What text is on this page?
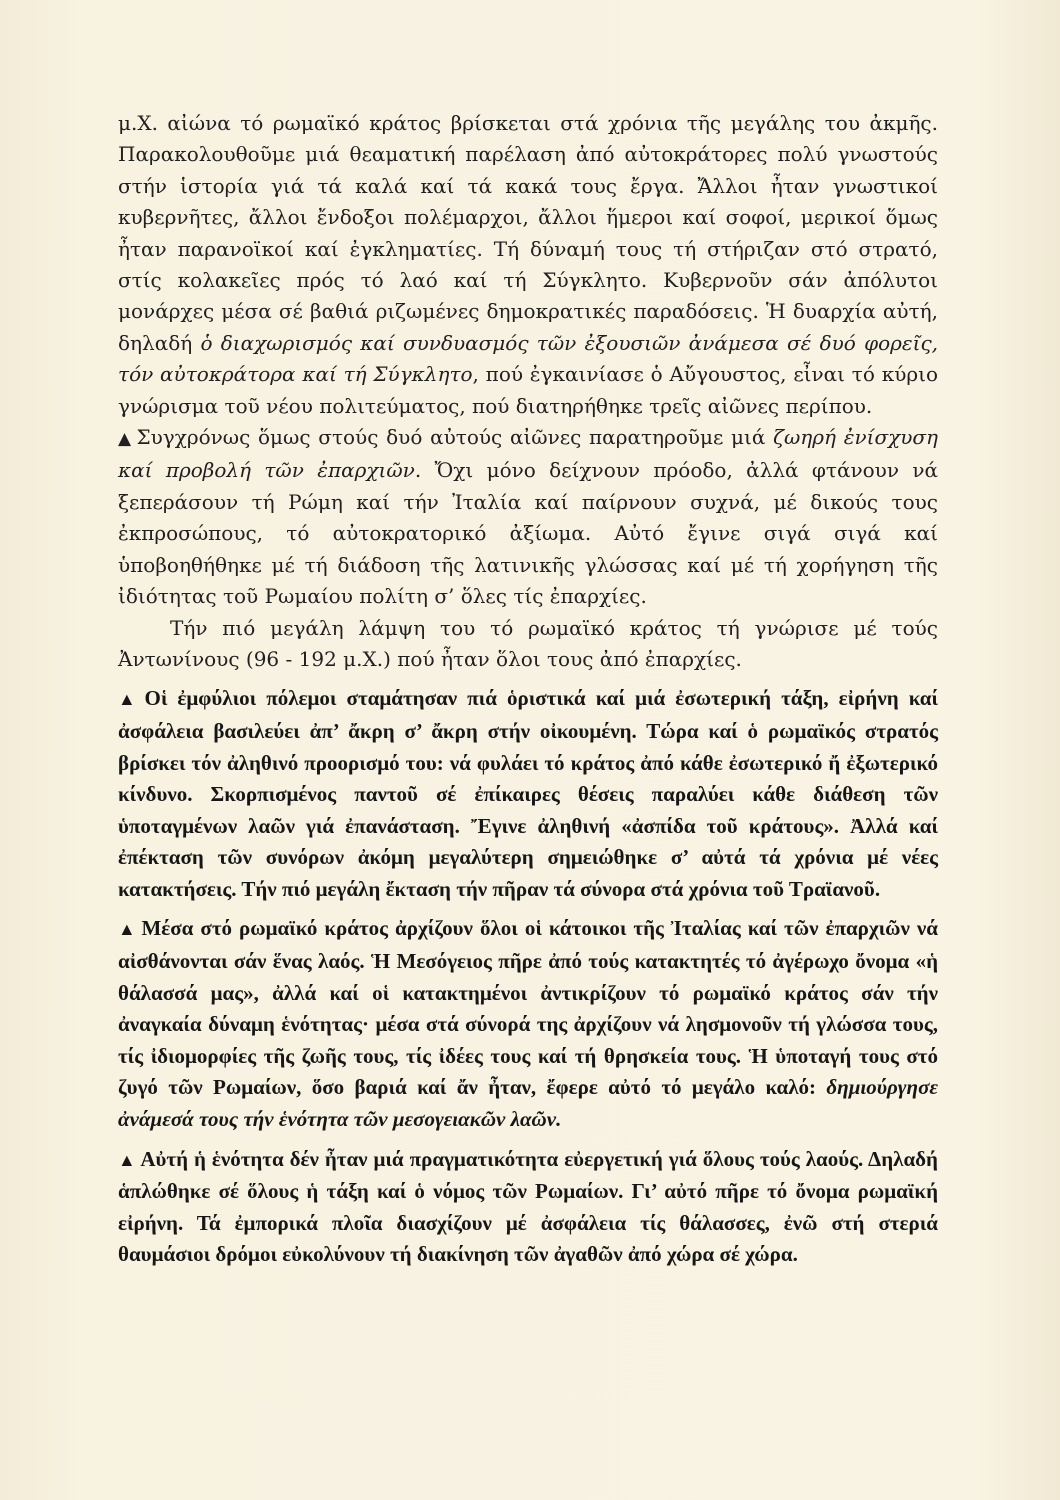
μ.Χ. αἰώνα τό ρωμαϊκό κράτος βρίσκεται στά χρόνια τῆς μεγάλης του ἀκμῆς. Παρακολουθοῦμε μιά θεαματική παρέλαση ἀπό αὐτοκράτορες πολύ γνωστούς στήν ἱστορία γιά τά καλά καί τά κακά τους ἔργα. Ἄλλοι ἦταν γνωστικοί κυβερνῆτες, ἄλλοι ἔνδοξοι πολέμαρχοι, ἄλλοι ἥμεροι καί σοφοί, μερικοί ὅμως ἦταν παρανοϊκοί καί ἐγκληματίες. Τή δύναμή τους τή στήριζαν στό στρατό, στίς κολακεῖες πρός τό λαό καί τή Σύγκλητο. Κυβερνοῦν σάν ἀπόλυτοι μονάρχες μέσα σέ βαθιά ριζωμένες δημοκρατικές παραδόσεις. Ἡ δυαρχία αὐτή, δηλαδή ὁ διαχωρισμός καί συνδυασμός τῶν ἐξουσιῶν ἀνάμεσα σέ δυό φορεῖς, τόν αὐτοκράτορα καί τή Σύγκλητο, πού ἐγκαινίασε ὁ Αὔγουστος, εἶναι τό κύριο γνώρισμα τοῦ νέου πολιτεύματος, πού διατηρήθηκε τρεῖς αἰῶνες περίπου.

▲ Συγχρόνως ὅμως στούς δυό αὐτούς αἰῶνες παρατηροῦμε μιά ζωηρή ἐνίσχυση καί προβολή τῶν ἐπαρχιῶν. Ὄχι μόνο δείχνουν πρόοδο, ἀλλά φτάνουν νά ξεπεράσουν τή Ρώμη καί τήν Ἰταλία καί παίρνουν συχνά, μέ δικούς τους ἐκπροσώπους, τό αὐτοκρατορικό ἀξίωμα. Αὐτό ἔγινε σιγά σιγά καί ὑποβοηθήθηκε μέ τή διάδοση τῆς λατινικῆς γλώσσας καί μέ τή χορήγηση τῆς ἰδιότητας τοῦ Ρωμαίου πολίτη σ’ ὅλες τίς ἐπαρχίες.

Τήν πιό μεγάλη λάμψη του τό ρωμαϊκό κράτος τή γνώρισε μέ τούς Ἀντωνίνους (96 - 192 μ.Χ.) πού ἦταν ὅλοι τους ἀπό ἐπαρχίες.

▲ Οἱ ἐμφύλιοι πόλεμοι σταμάτησαν πιά ὁριστικά καί μιά ἐσωτερική τάξη, εἰρήνη καί ἀσφάλεια βασιλεύει ἀπ’ ἄκρη σ’ ἄκρη στήν οἰκουμένη. Τώρα καί ὁ ρωμαϊκός στρατός βρίσκει τόν ἀληθινό προορισμό του: νά φυλάει τό κράτος ἀπό κάθε ἐσωτερικό ἤ ἐξωτερικό κίνδυνο. Σκορπισμένος παντοῦ σέ ἐπίκαιρες θέσεις παραλύει κάθε διάθεση τῶν ὑποταγμένων λαῶν γιά ἐπανάσταση. Ἔγινε ἀληθινή «ἀσπίδα τοῦ κράτους». Ἀλλά καί ἐπέκταση τῶν συνόρων ἀκόμη μεγαλύτερη σημειώθηκε σ’ αὐτά τά χρόνια μέ νέες κατακτήσεις. Τήν πιό μεγάλη ἔκταση τήν πῆραν τά σύνορα στά χρόνια τοῦ Τραϊανοῦ.

▲ Μέσα στό ρωμαϊκό κράτος ἀρχίζουν ὅλοι οἱ κάτοικοι τῆς Ἰταλίας καί τῶν ἐπαρχιῶν νά αἰσθάνονται σάν ἕνας λαός. Ἡ Μεσόγειος πῆρε ἀπό τούς κατακτητές τό ἀγέρωχο ὄνομα «ἡ θάλασσά μας», ἀλλά καί οἱ κατακτημένοι ἀντικρίζουν τό ρωμαϊκό κράτος σάν τήν ἀναγκαία δύναμη ἑνότητας· μέσα στά σύνορά της ἀρχίζουν νά λησμονοῦν τή γλώσσα τους, τίς ἰδιομορφίες τῆς ζωῆς τους, τίς ἰδέες τους καί τή θρησκεία τους. Ἡ ὑποταγή τους στό ζυγό τῶν Ρωμαίων, ὅσο βαριά καί ἄν ἦταν, ἔφερε αὐτό τό μεγάλο καλό: δημιούργησε ἀνάμεσά τους τήν ἑνότητα τῶν μεσογειακῶν λαῶν.

▲ Αὐτή ἡ ἑνότητα δέν ἦταν μιά πραγματικότητα εὐεργετική γιά ὅλους τούς λαούς. Δηλαδή ἁπλώθηκε σέ ὅλους ἡ τάξη καί ὁ νόμος τῶν Ρωμαίων. Γι’ αὐτό πῆρε τό ὄνομα ρωμαϊκή εἰρήνη. Τά ἐμπορικά πλοῖα διασχίζουν μέ ἀσφάλεια τίς θάλασσες, ἐνῶ στή στεριά θαυμάσιοι δρόμοι εὐκολύνουν τή διακίνηση τῶν ἀγαθῶν ἀπό χώρα σέ χώρα.
